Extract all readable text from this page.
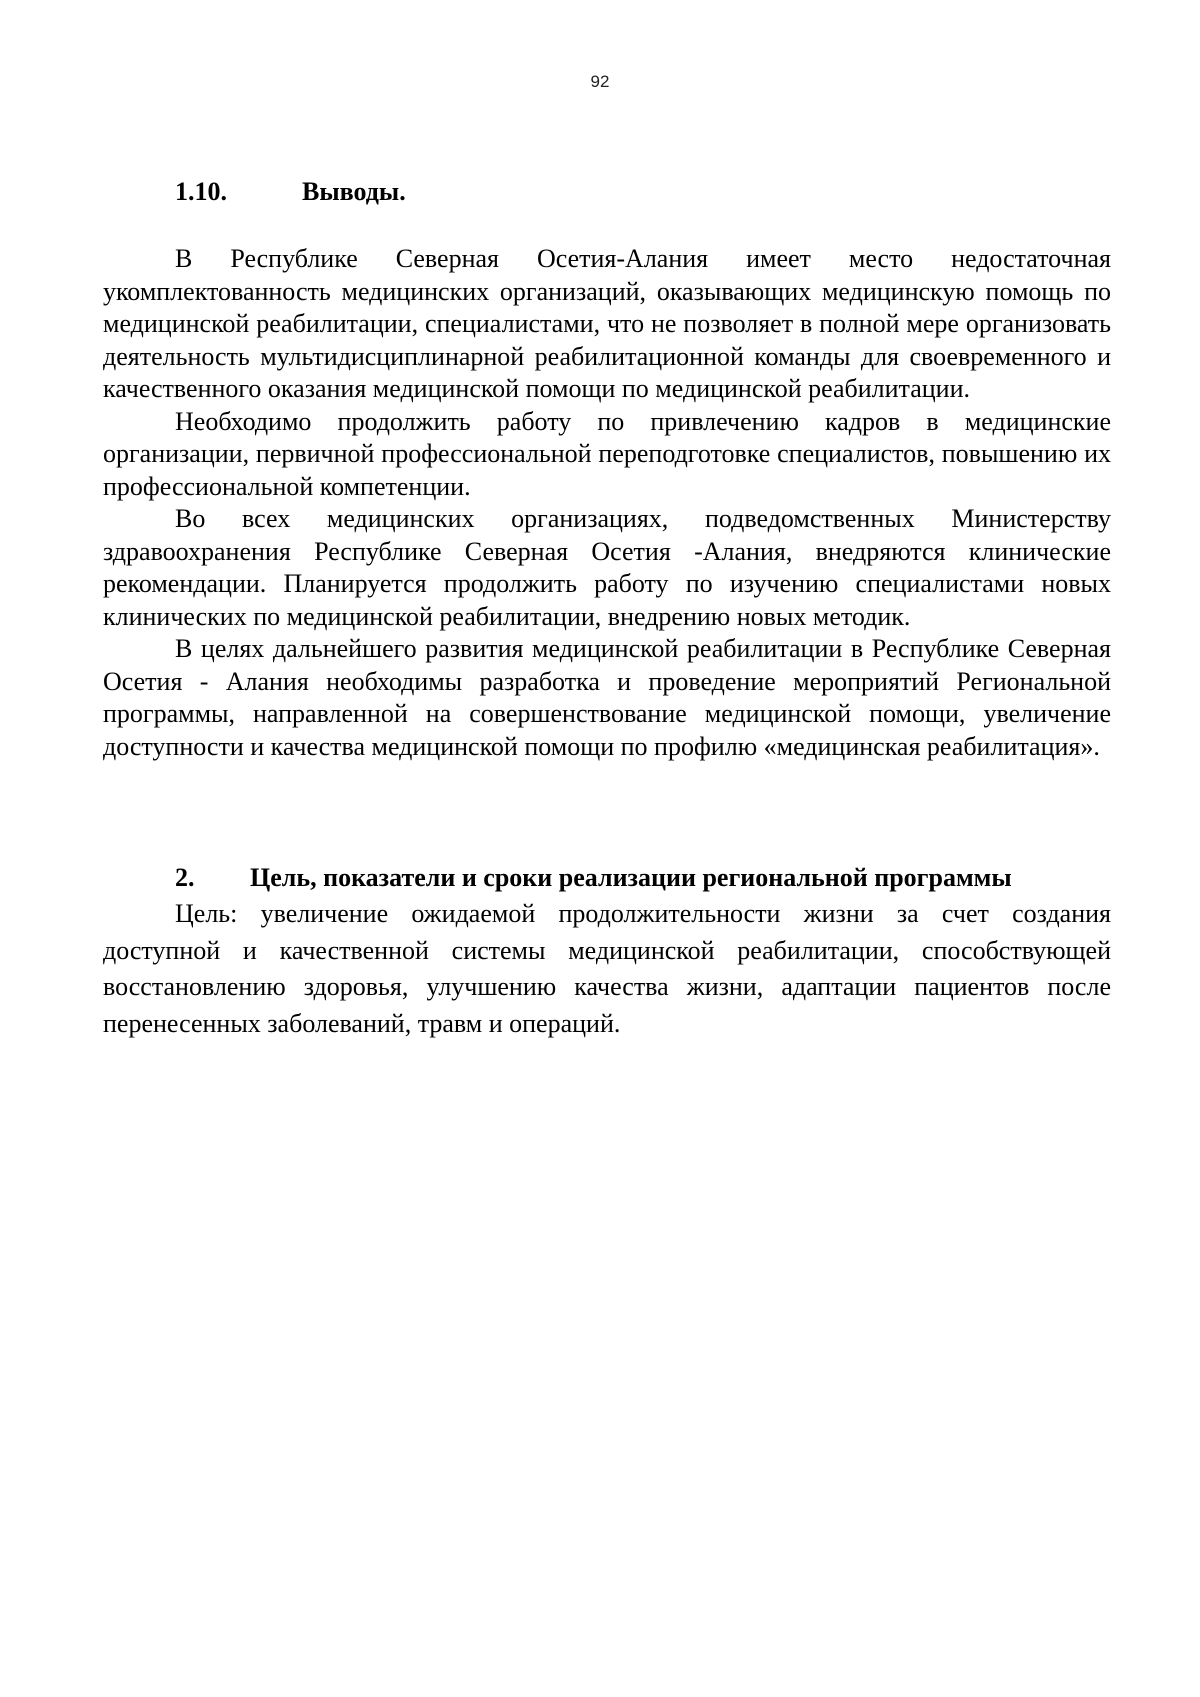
92
1.10.	Выводы.

В Республике Северная Осетия-Алания имеет место недостаточная укомплектованность медицинских организаций, оказывающих медицинскую помощь по медицинской реабилитации, специалистами, что не позволяет в полной мере организовать деятельность мультидисциплинарной реабилитационной команды для своевременного и качественного оказания медицинской помощи по медицинской реабилитации.

Необходимо продолжить работу по привлечению кадров в медицинские организации, первичной профессиональной переподготовке специалистов, повышению их профессиональной компетенции.

Во всех медицинских организациях, подведомственных Министерству здравоохранения Республике Северная Осетия -Алания, внедряются клинические рекомендации. Планируется продолжить работу по изучению специалистами новых клинических по медицинской реабилитации, внедрению новых методик.

В целях дальнейшего развития медицинской реабилитации в Республике Северная Осетия - Алания необходимы разработка и проведение мероприятий Региональной программы, направленной на совершенствование медицинской помощи, увеличение доступности и качества медицинской помощи по профилю «медицинская реабилитация».

2. Цель, показатели и сроки реализации региональной программы

Цель: увеличение ожидаемой продолжительности жизни за счет создания доступной и качественной системы медицинской реабилитации, способствующей восстановлению здоровья, улучшению качества жизни, адаптации пациентов после перенесенных заболеваний, травм и операций.
